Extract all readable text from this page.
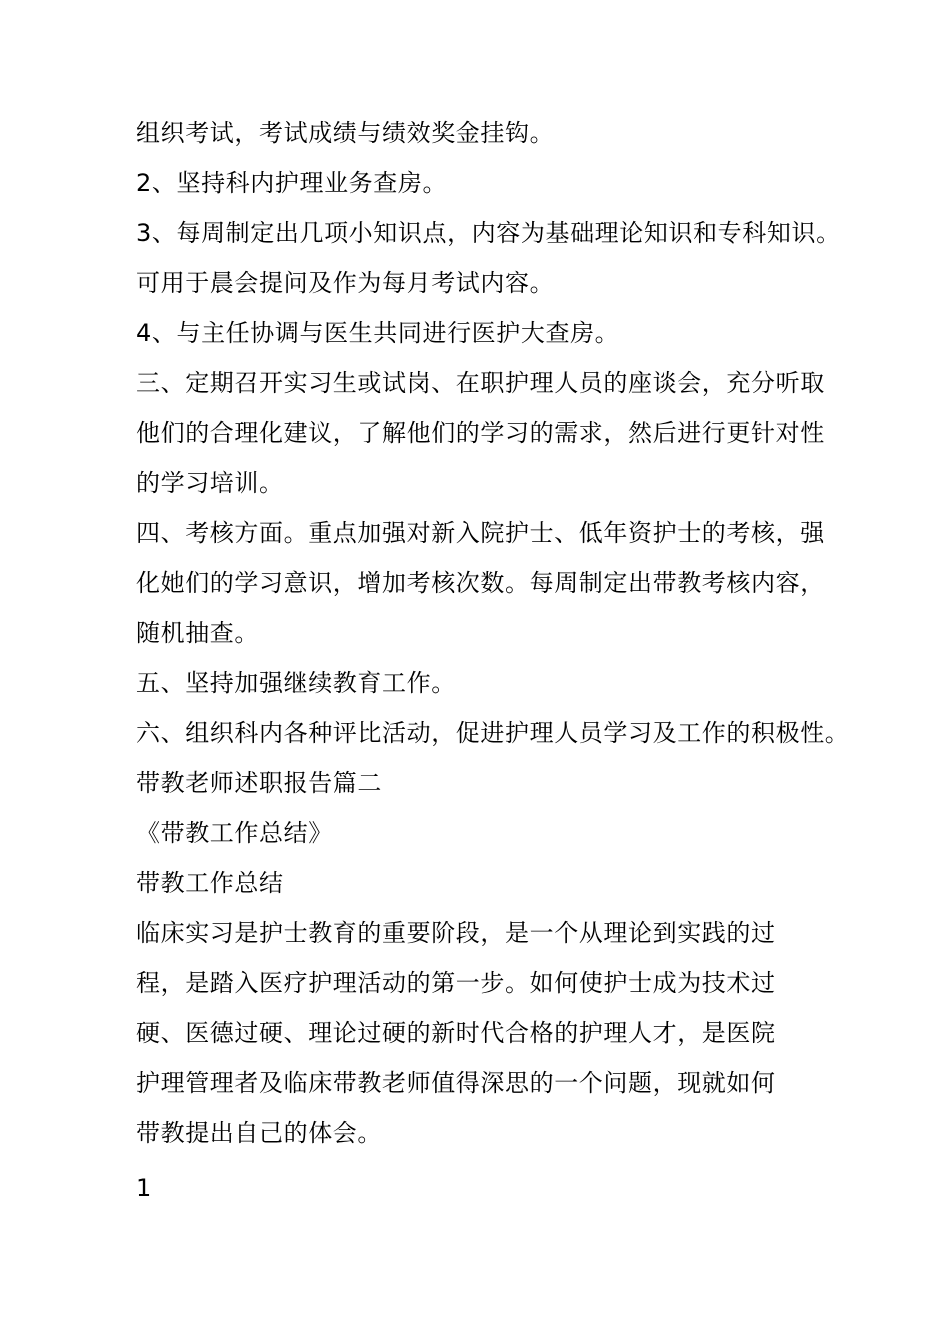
组织考试，考试成绩与绩效奖金挂钩。

2、坚持科内护理业务查房。

3、每周制定出几项小知识点，内容为基础理论知识和专科知识。

可用于晨会提问及作为每月考试内容。

4、与主任协调与医生共同进行医护大查房。

三、定期召开实习生或试岗、在职护理人员的座谈会，充分听取

他们的合理化建议，了解他们的学习的需求，然后进行更针对性

的学习培训。

四、考核方面。重点加强对新入院护士、低年资护士的考核，强

化她们的学习意识，增加考核次数。每周制定出带教考核内容，

随机抽查。

五、坚持加强继续教育工作。

六、组织科内各种评比活动，促进护理人员学习及工作的积极性。

带教老师述职报告篇二

《带教工作总结》

带教工作总结

临床实习是护士教育的重要阶段，是一个从理论到实践的过

程，是踏入医疗护理活动的第一步。如何使护士成为技术过

硬、医德过硬、理论过硬的新时代合格的护理人才，是医院

护理管理者及临床带教老师值得深思的一个问题，现就如何

带教提出自己的体会。

1
